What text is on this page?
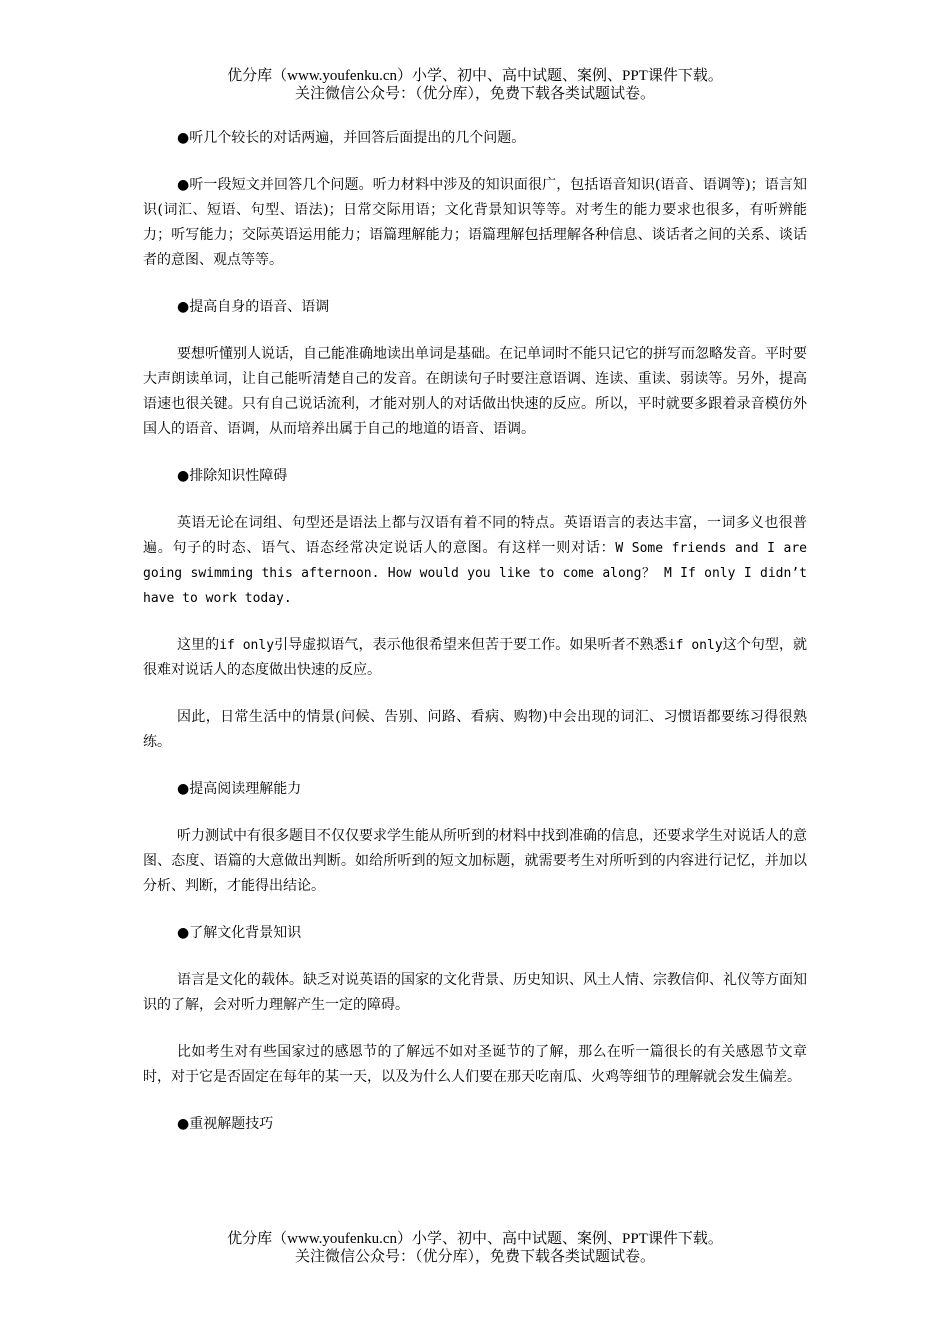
优分库（www.youfenku.cn）小学、初中、高中试题、案例、PPT课件下载。
关注微信公众号：（优分库），免费下载各类试题试卷。

●听几个较长的对话两遍，并回答后面提出的几个问题。

●听一段短文并回答几个问题。听力材料中涉及的知识面很广，包括语音知识(语音、语调等)；语言知识(词汇、短语、句型、语法)；日常交际用语；文化背景知识等等。对考生的能力要求也很多，有听辨能力；听写能力；交际英语运用能力；语篇理解能力；语篇理解包括理解各种信息、谈话者之间的关系、谈话者的意图、观点等等。

●提高自身的语音、语调

要想听懂别人说话，自己能准确地读出单词是基础。在记单词时不能只记它的拼写而忽略发音。平时要大声朗读单词，让自己能听清楚自己的发音。在朗读句子时要注意语调、连读、重读、弱读等。另外，提高语速也很关键。只有自己说话流利，才能对别人的对话做出快速的反应。所以，平时就要多跟着录音模仿外国人的语音、语调，从而培养出属于自己的地道的语音、语调。

●排除知识性障碍

英语无论在词组、句型还是语法上都与汉语有着不同的特点。英语语言的表达丰富，一词多义也很普遍。句子的时态、语气、语态经常决定说话人的意图。有这样一则对话：W Some friends and I are going swimming this afternoon. How would you like to come along？ M If only I didn’t have to work today.

这里的if only引导虚拟语气，表示他很希望来但苦于要工作。如果听者不熟悉if only这个句型，就很难对说话人的态度做出快速的反应。

因此，日常生活中的情景(问候、告别、问路、看病、购物)中会出现的词汇、习惯语都要练习得很熟练。

●提高阅读理解能力

听力测试中有很多题目不仅仅要求学生能从所听到的材料中找到准确的信息，还要求学生对说话人的意图、态度、语篇的大意做出判断。如给所听到的短文加标题，就需要考生对所听到的内容进行记忆，并加以分析、判断，才能得出结论。

●了解文化背景知识

语言是文化的载体。缺乏对说英语的国家的文化背景、历史知识、风土人情、宗教信仰、礼仪等方面知识的了解，会对听力理解产生一定的障碍。

比如考生对有些国家过的感恩节的了解远不如对圣诞节的了解，那么在听一篇很长的有关感恩节文章时，对于它是否固定在每年的某一天，以及为什么人们要在那天吃南瓜、火鸡等细节的理解就会发生偏差。

●重视解题技巧

优分库（www.youfenku.cn）小学、初中、高中试题、案例、PPT课件下载。
关注微信公众号：（优分库），免费下载各类试题试卷。
